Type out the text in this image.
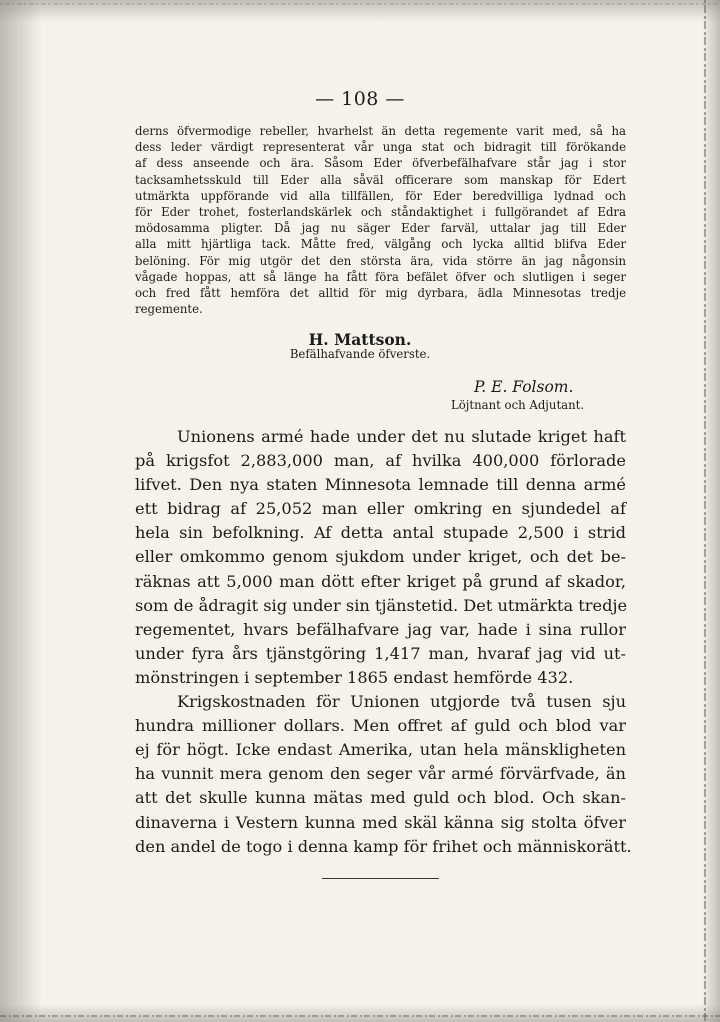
— 108 —
derns öfvermodige rebeller, hvarhelst än detta regemente varit med, så ha
dess leder värdigt representerat vår unga stat och bidragit till förökande
af dess anseende och ära. Såsom Eder öfverbefälhafvare står jag i stor
tacksamhetsskuld till Eder alla såväl officerare som manskap för Edert
utmärkta uppförande vid alla tillfällen, för Eder beredvilliga lydnad och
för Eder trohet, fosterlandskärlek och ståndaktighet i fullgörandet af Edra
mödosamma pligter. Då jag nu säger Eder farväl, uttalar jag till Eder
alla mitt hjärtliga tack. Måtte fred, välgång och lycka alltid blifva Eder
belöning. För mig utgör det den största ära, vida större än jag någonsin
vågade hoppas, att så länge ha fått föra befälet öfver och slutligen i seger
och fred fått hemföra det alltid för mig dyrbara, ädla Minnesotas tredje
regemente.
H. Mattson.
Befälhafvande öfverste.
P. E. Folsom.
Löjtnant och Adjutant.
Unionens armé hade under det nu slutade kriget haft
på krigsfot 2,883,000 man, af hvilka 400,000 förlorade
lifvet. Den nya staten Minnesota lemnade till denna armé
ett bidrag af 25,052 man eller omkring en sjundedel af
hela sin befolkning. Af detta antal stupade 2,500 i strid
eller omkommo genom sjukdom under kriget, och det be-
räknas att 5,000 man dött efter kriget på grund af skador,
som de ådragit sig under sin tjänstetid. Det utmärkta tredje
regementet, hvars befälhafvare jag var, hade i sina rullor
under fyra års tjänstgöring 1,417 man, hvaraf jag vid ut-
mönstringen i september 1865 endast hemförde 432.
Krigskostnaden för Unionen utgjorde två tusen sju
hundra millioner dollars. Men offret af guld och blod var
ej för högt. Icke endast Amerika, utan hela mänskligheten
ha vunnit mera genom den seger vår armé förvärfvade, än
att det skulle kunna mätas med guld och blod. Och skan-
dinaverna i Vestern kunna med skäl känna sig stolta öfver
den andel de togo i denna kamp för frihet och människorätt.
